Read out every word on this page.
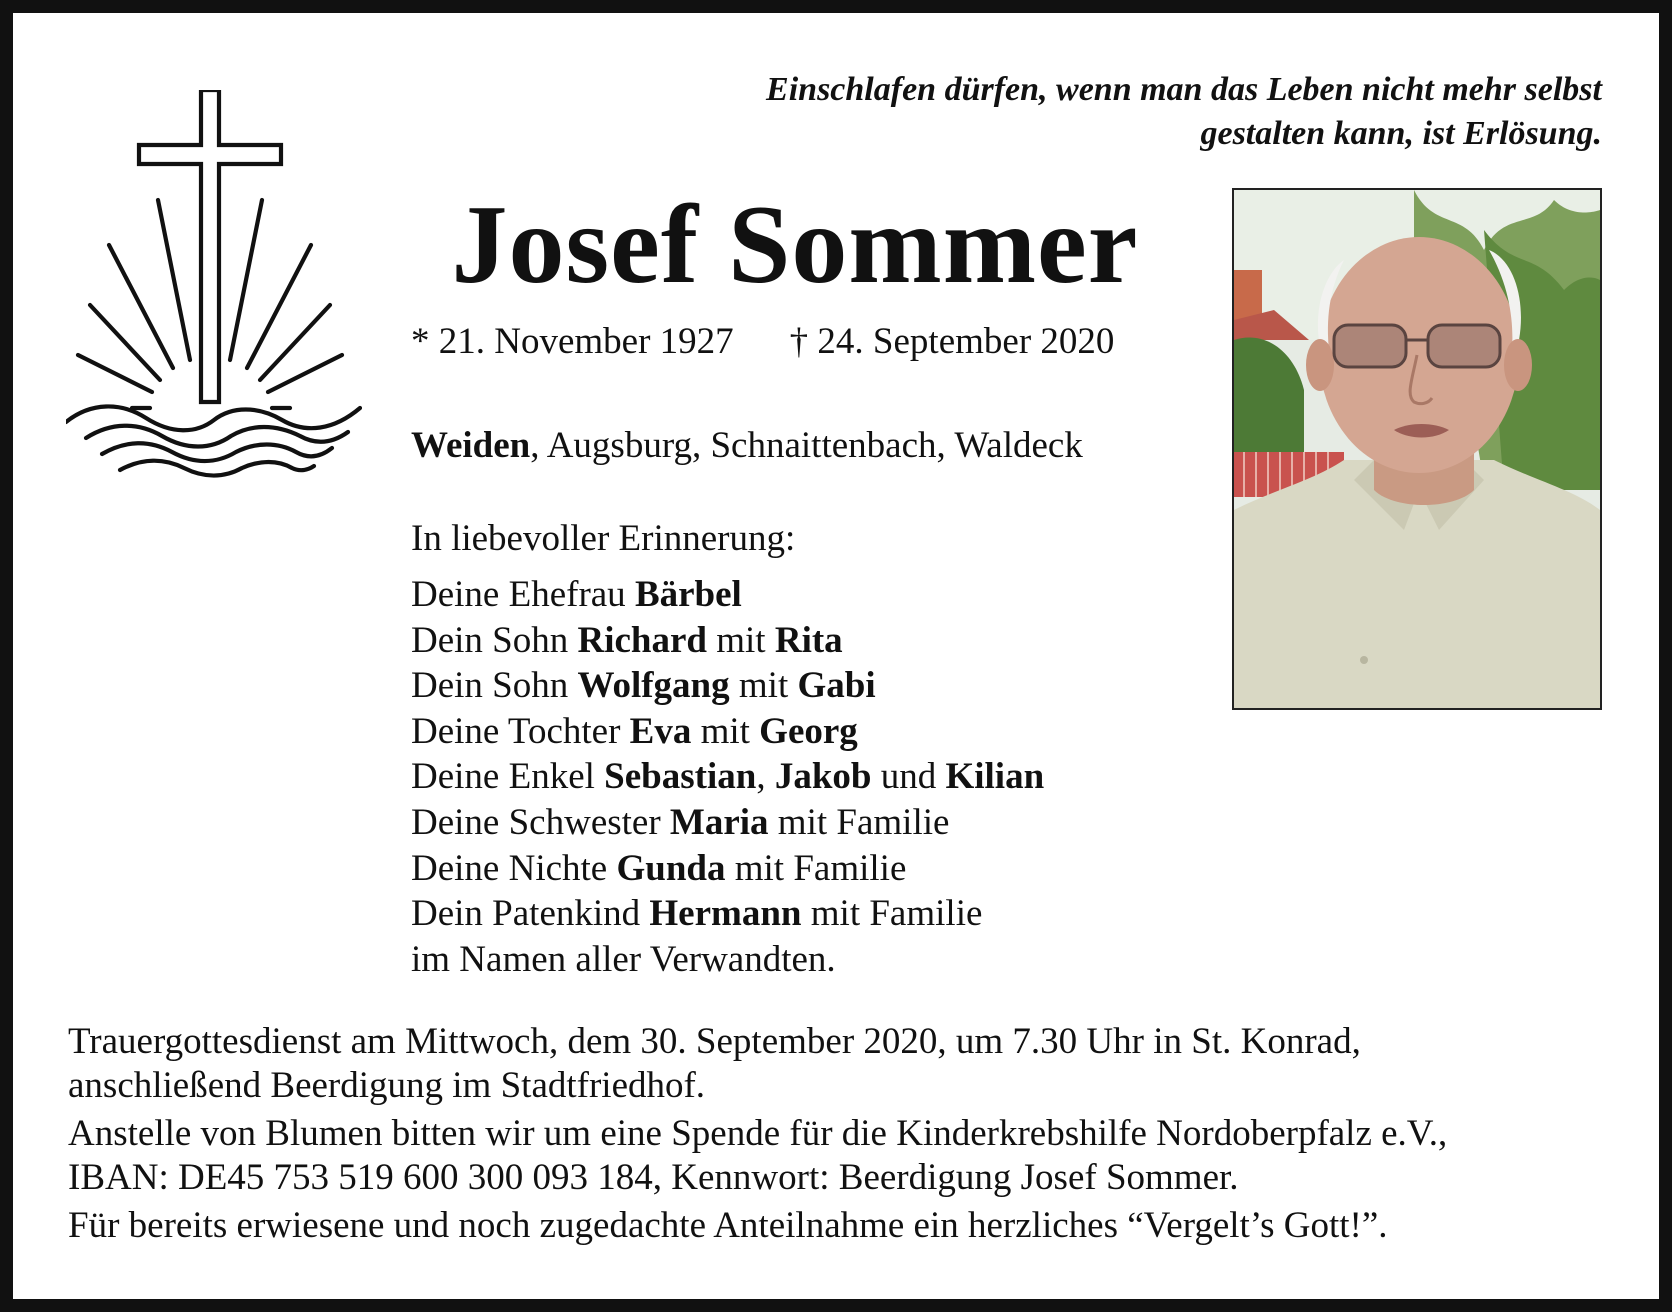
Einschlafen dürfen, wenn man das Leben nicht mehr selbst
gestalten kann, ist Erlösung.
Josef Sommer
* 21. November 1927 † 24. September 2020
Weiden, Augsburg, Schnaittenbach, Waldeck
In liebevoller Erinnerung:
Deine Ehefrau Bärbel
Dein Sohn Richard mit Rita
Dein Sohn Wolfgang mit Gabi
Deine Tochter Eva mit Georg
Deine Enkel Sebastian, Jakob und Kilian
Deine Schwester Maria mit Familie
Deine Nichte Gunda mit Familie
Dein Patenkind Hermann mit Familie
im Namen aller Verwandten.

Trauergottesdienst am Mittwoch, dem 30. September 2020, um 7.30 Uhr in St. Konrad,

anschließend Beerdigung im Stadtfriedhof.

Anstelle von Blumen bitten wir um eine Spende für die Kinderkrebshilfe Nordoberpfalz e.V.,

IBAN: DE45 753 519 600 300 093 184, Kennwort: Beerdigung Josef Sommer.

Für bereits erwiesene und noch zugedachte Anteilnahme ein herzliches “Vergelt’s Gott!”.
